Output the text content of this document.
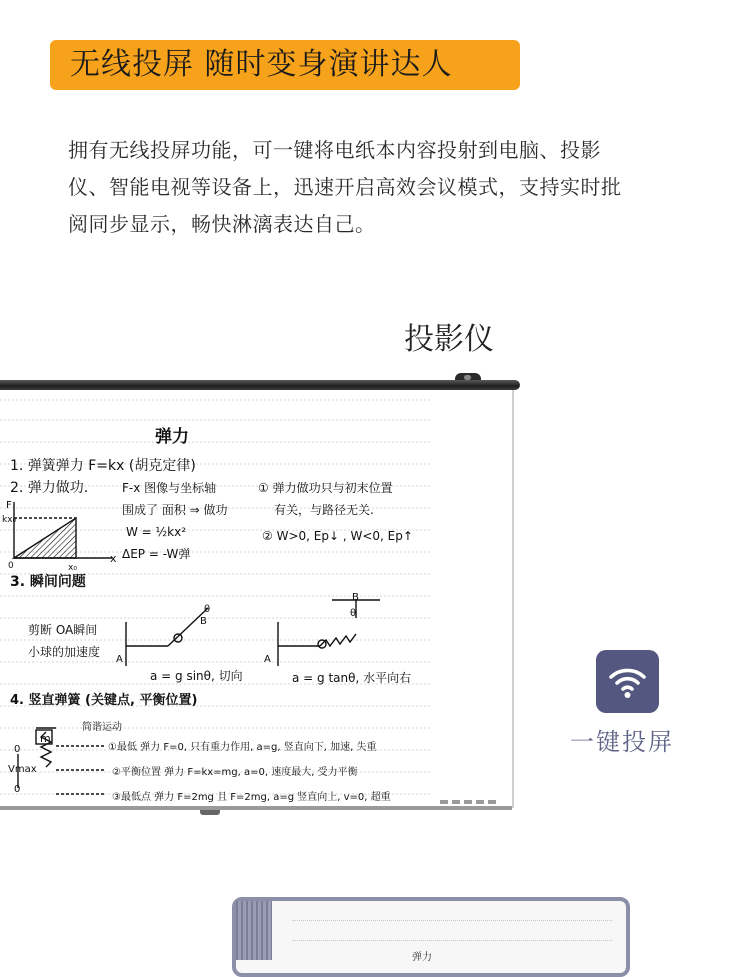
无线投屏 随时变身演讲达人

拥有无线投屏功能，可一键将电纸本内容投射到电脑、投影
仪、智能电视等设备上，迅速开启高效会议模式，支持实时批
阅同步显示，畅快淋漓表达自己。

投影仪
弹力
1. 弹簧弹力 F=kx (胡克定律)
2. 弹力做功.	F-x 图像与坐标轴
围成了 面积 ⇒ 做功
W = ½kx²
ΔEP = -W弹
① 弹力做功只与初末位置
有关，与路径无关.
② W>0, Ep↓ , W<0, Ep↑
F
kx₀
x
x₀
0
3. 瞬间问题
剪断 OA瞬间
小球的加速度
A	A
B
B
θ	θ
a = g sinθ, 切向	a = g tanθ, 水平向右
4. 竖直弹簧 (关键点, 平衡位置)
简谐运动
①最低 弹力 F=0, 只有重力作用, a=g, 竖直向下, 加速, 失重
②平衡位置 弹力 F=kx=mg, a=0, 速度最大, 受力平衡
③最低点 弹力 F=2mg 且 F=2mg, a=g 竖直向上, v=0, 超重
m
Vmax
0
0
一键投屏
弹力
